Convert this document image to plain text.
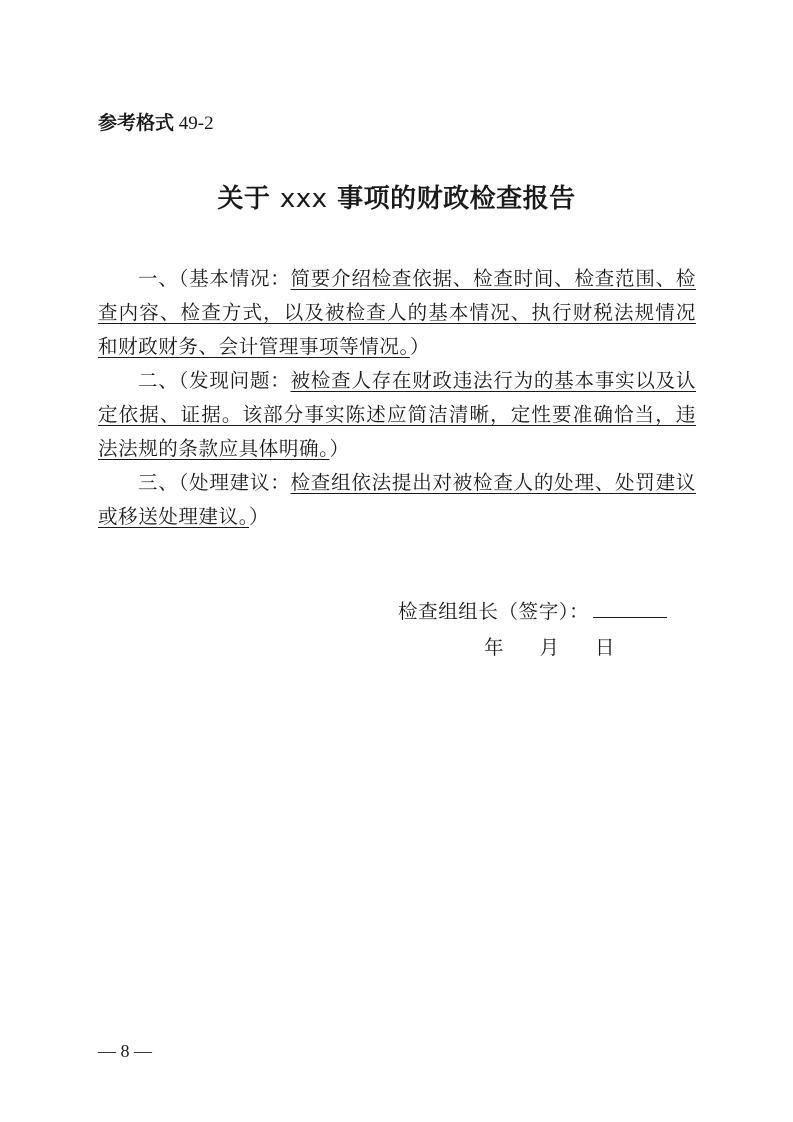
参考格式 49-2
关于 xxx 事项的财政检查报告

一、（基本情况：简要介绍检查依据、检查时间、检查范围、检查内容、检查方式，以及被检查人的基本情况、执行财税法规情况和财政财务、会计管理事项等情况。）

二、（发现问题：被检查人存在财政违法行为的基本事实以及认定依据、证据。该部分事实陈述应简洁清晰，定性要准确恰当，违法法规的条款应具体明确。）

三、（处理建议：检查组依法提出对被检查人的处理、处罚建议或移送处理建议。）

检查组组长（签字）：
年 月 日
— 8 —
